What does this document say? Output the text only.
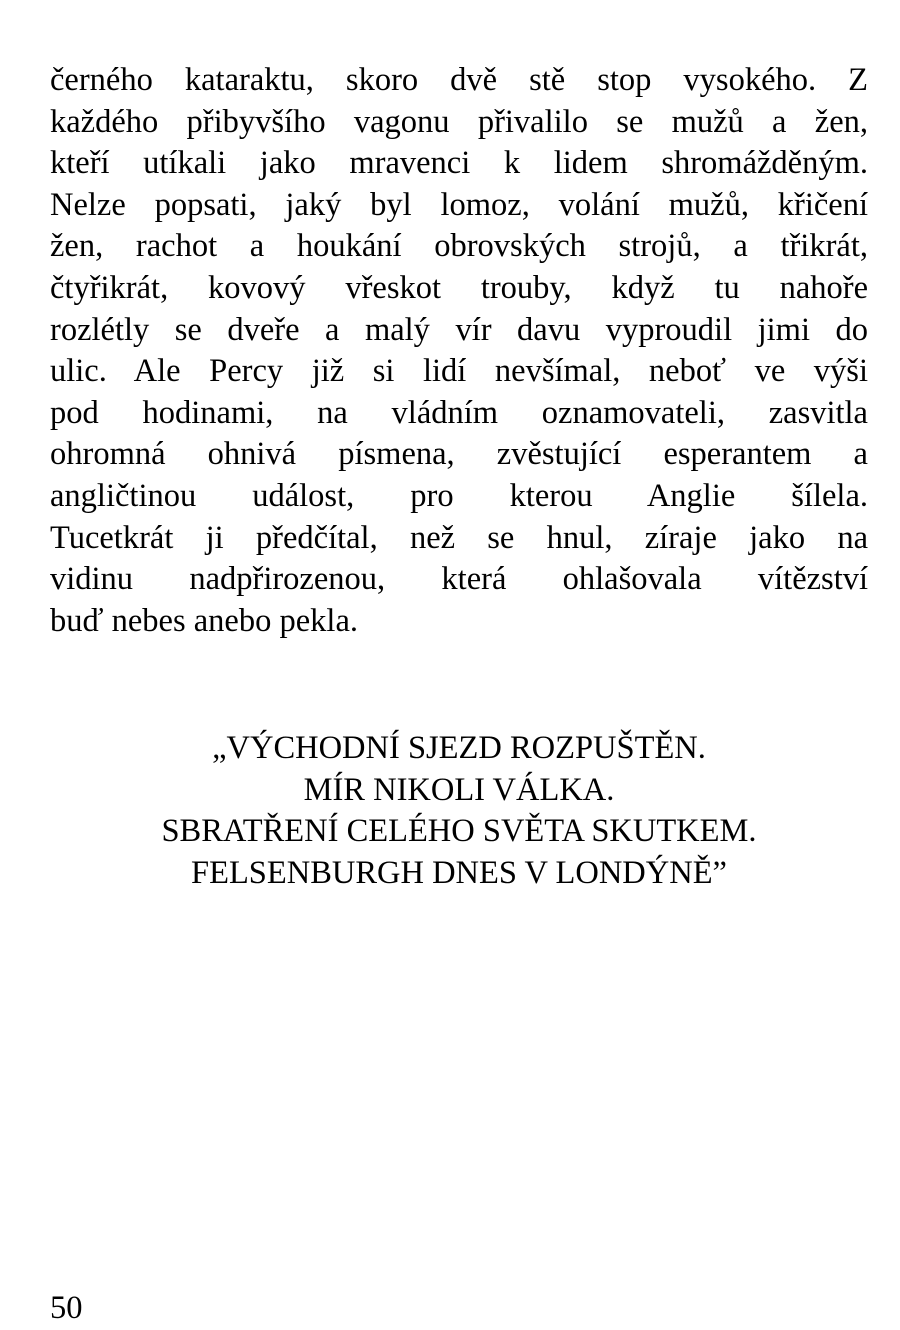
černého kataraktu, skoro dvě stě stop vysokého. Z
každého přibyvšího vagonu přivalilo se mužů a žen,
kteří utíkali jako mravenci k lidem shromážděným.
Nelze popsati, jaký byl lomoz, volání mužů, křičení
žen, rachot a houkání obrovských strojů, a třikrát,
čtyřikrát, kovový vřeskot trouby, když tu nahoře
rozlétly se dveře a malý vír davu vyproudil jimi do
ulic. Ale Percy již si lidí nevšímal, neboť ve výši
pod hodinami, na vládním oznamovateli, zasvitla
ohromná ohnivá písmena, zvěstující esperantem a
angličtinou událost, pro kterou Anglie šílela.
Tucetkrát ji předčítal, než se hnul, zíraje jako na
vidinu nadpřirozenou, která ohlašovala vítězství
buď nebes anebo pekla.

„VÝCHODNÍ SJEZD ROZPUŠTĚN.
MÍR NIKOLI VÁLKA.
SBRATŘENÍ CELÉHO SVĚTA SKUTKEM.
FELSENBURGH DNES V LONDÝNĚ”
50
